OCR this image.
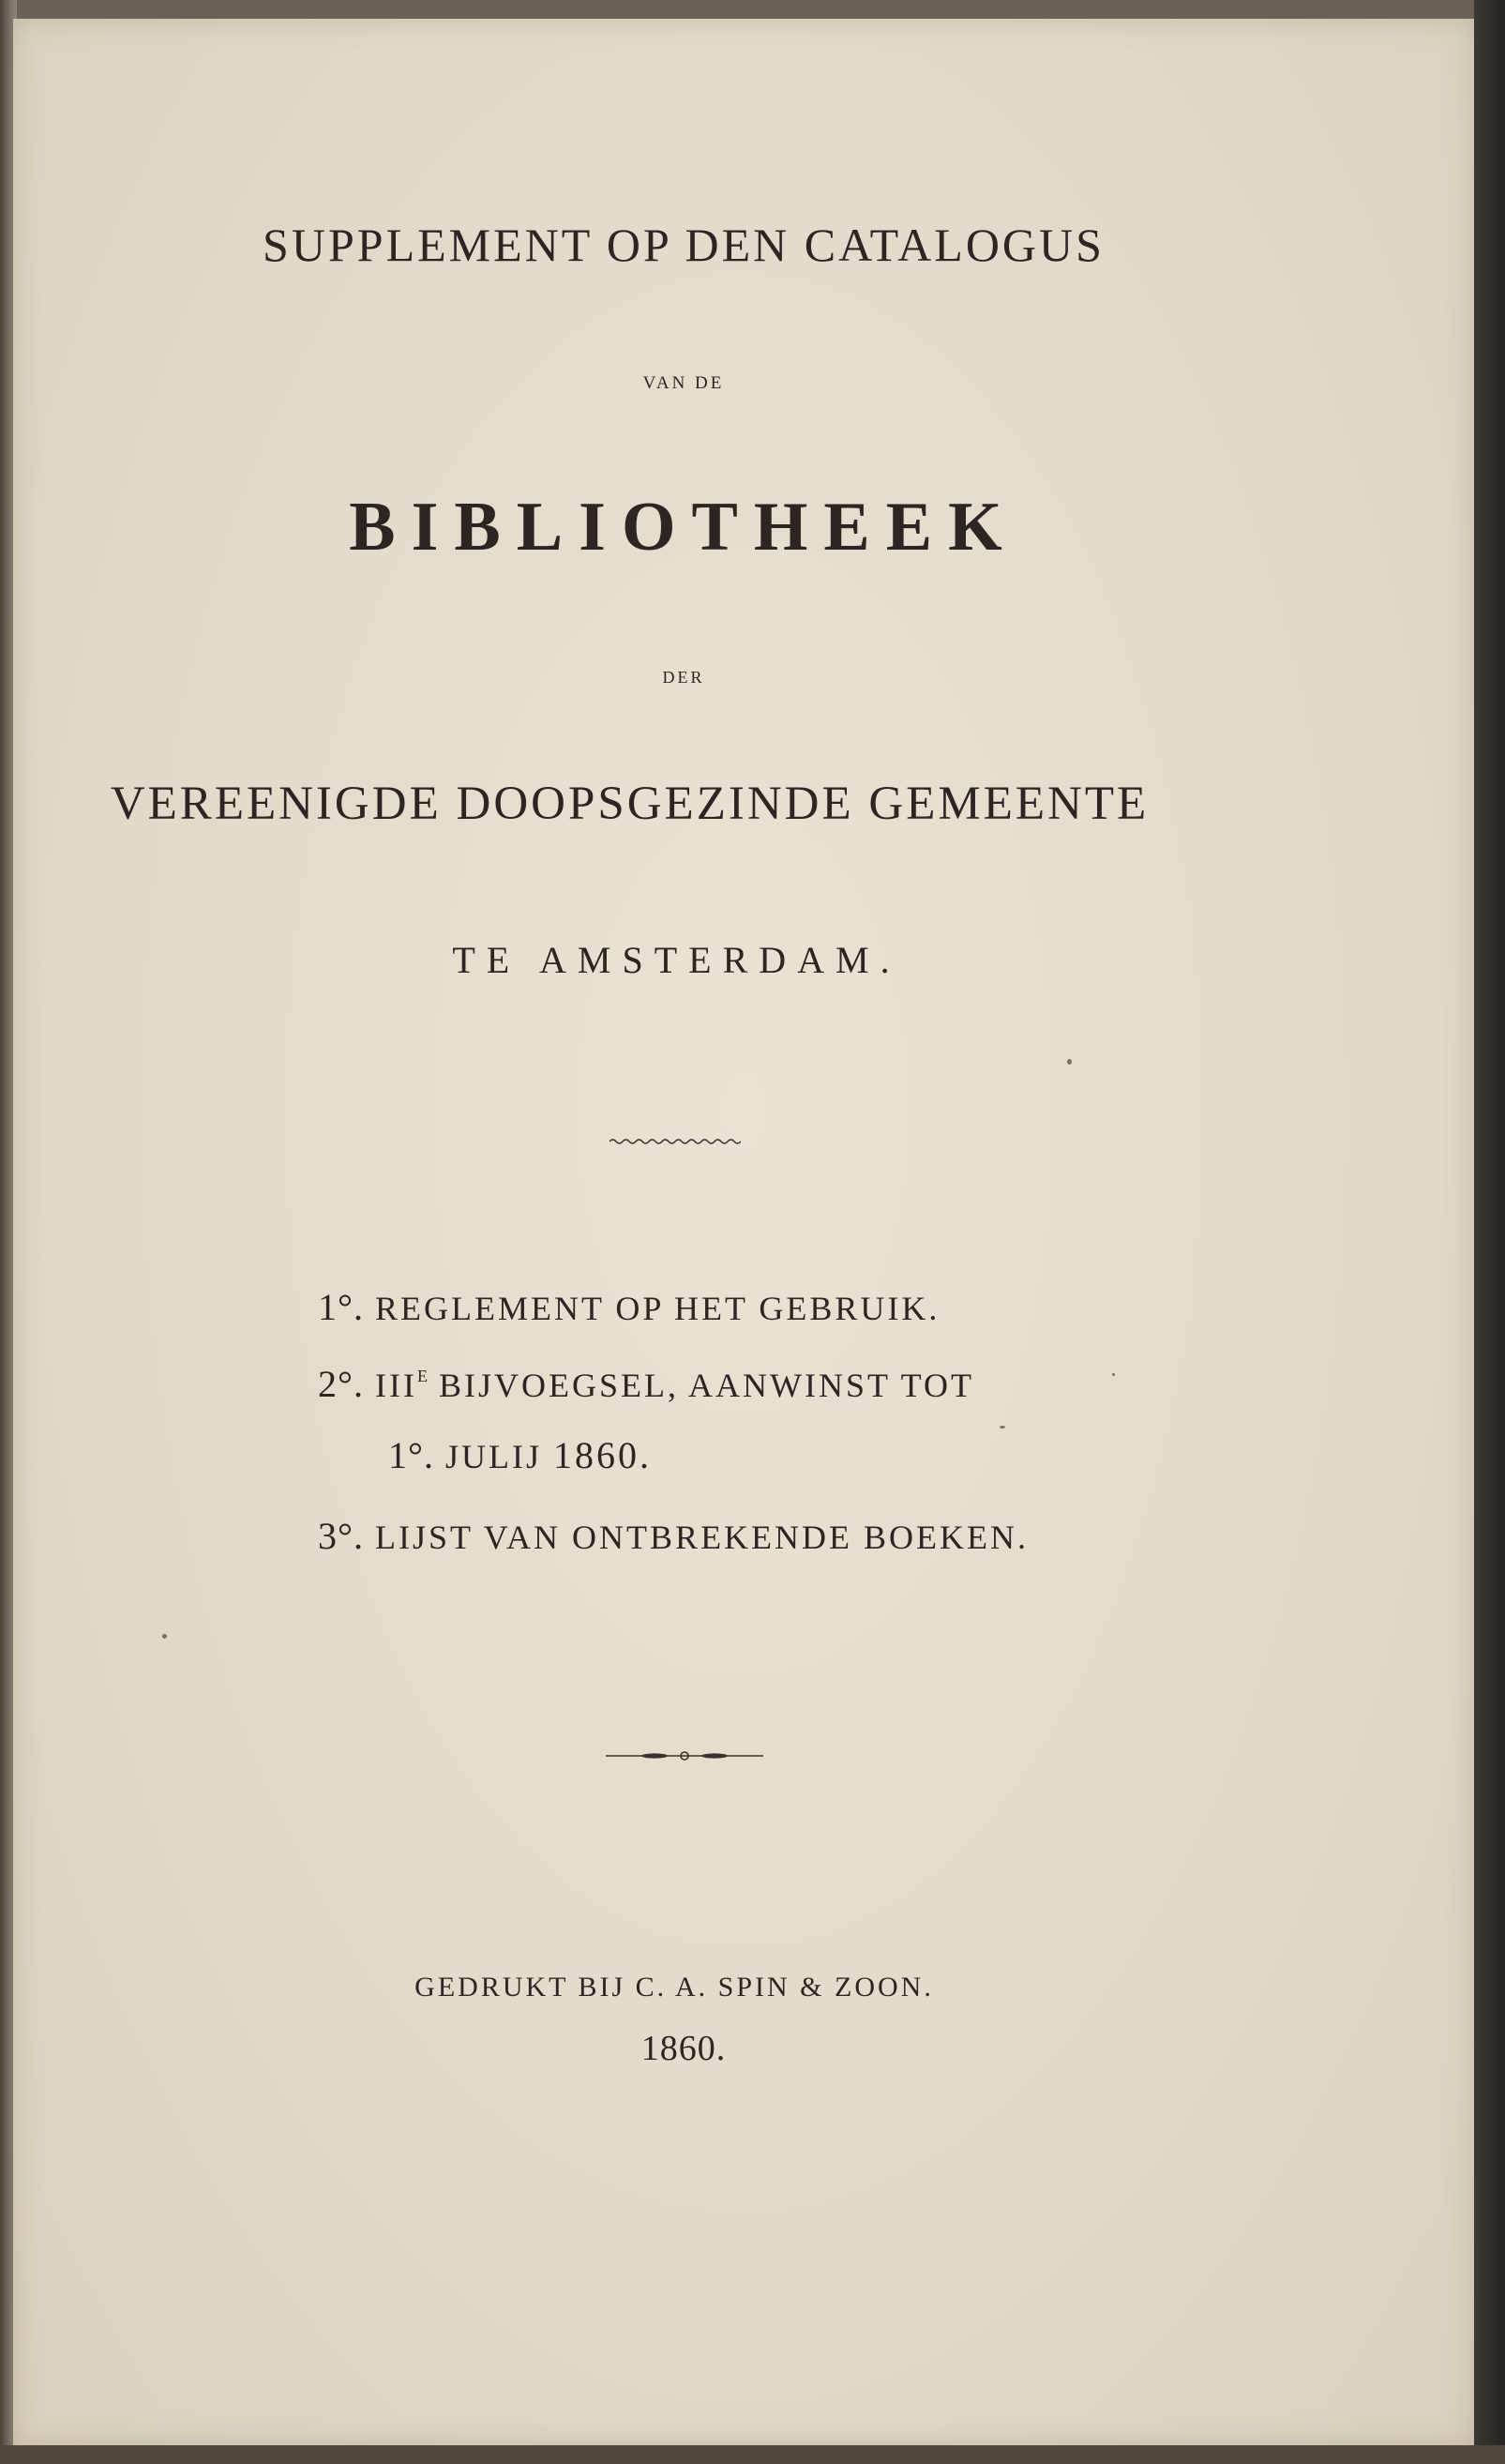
SUPPLEMENT OP DEN CATALOGUS
VAN DE
BIBLIOTHEEK
DER
VEREENIGDE DOOPSGEZINDE GEMEENTE
TE AMSTERDAM.
1°. REGLEMENT OP HET GEBRUIK.
2°. $III^E$ BIJVOEGSEL, AANWINST TOT
1°. JULIJ 1860.
3°. LIJST VAN ONTBREKENDE BOEKEN.
GEDRUKT BIJ C. A. SPIN & ZOON.
1860.
